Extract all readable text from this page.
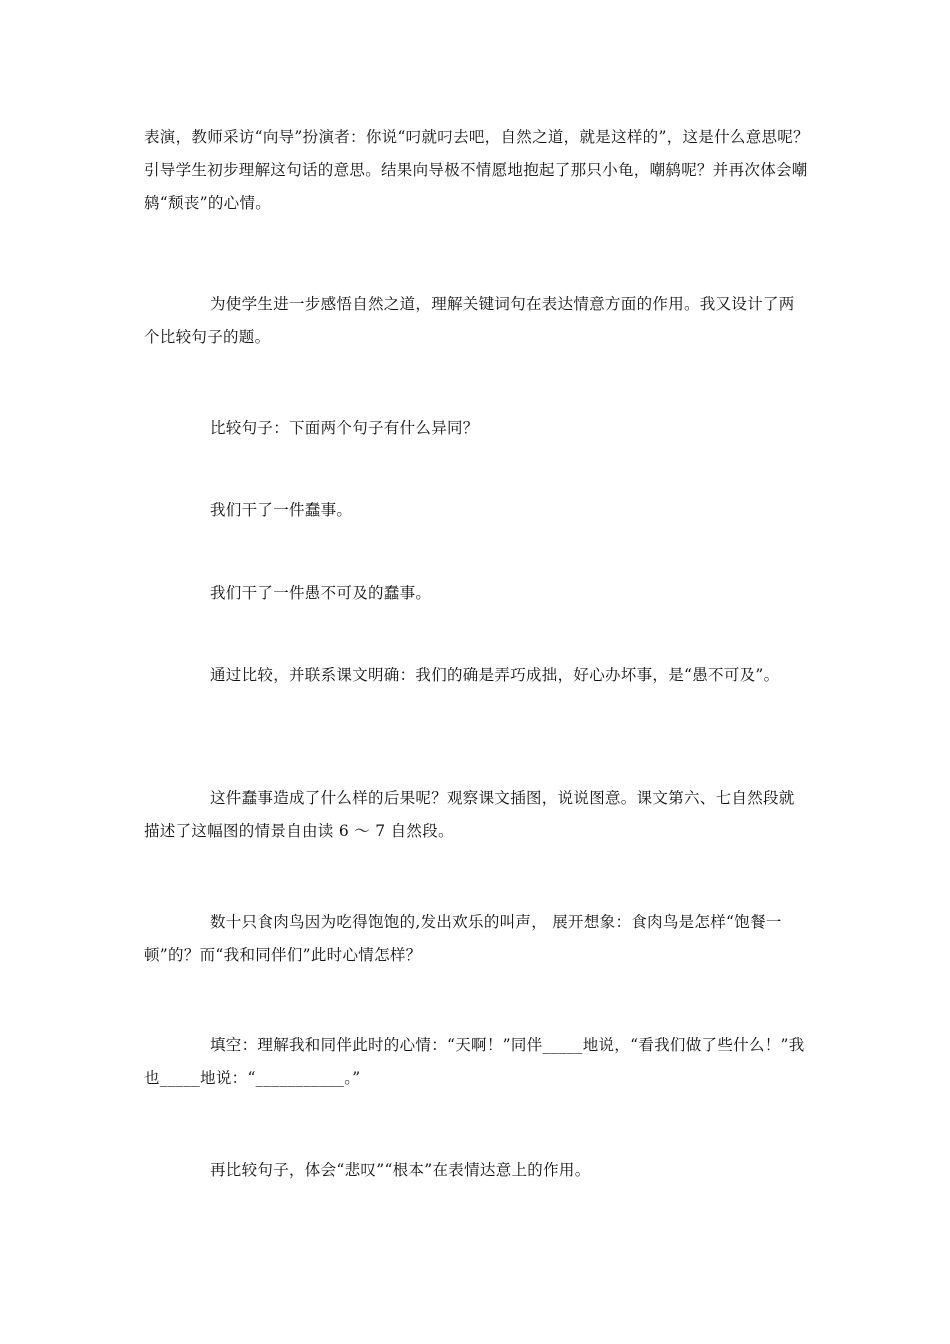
表演，教师采访“向导”扮演者：你说“叼就叼去吧，自然之道，就是这样的”，这是什么意思呢？引导学生初步理解这句话的意思。结果向导极不情愿地抱起了那只小龟，嘲鸫呢？并再次体会嘲鸫“颓丧”的心情。

为使学生进一步感悟自然之道，理解关键词句在表达情意方面的作用。我又设计了两个比较句子的题。

比较句子：下面两个句子有什么异同？

我们干了一件蠢事。

我们干了一件愚不可及的蠢事。

通过比较，并联系课文明确：我们的确是弄巧成拙，好心办坏事，是“愚不可及”。

这件蠢事造成了什么样的后果呢？观察课文插图，说说图意。课文第六、七自然段就描述了这幅图的情景自由读 6 ～ 7 自然段。

数十只食肉鸟因为吃得饱饱的,发出欢乐的叫声， 展开想象：食肉鸟是怎样“饱餐一顿”的？而“我和同伴们”此时心情怎样？

填空：理解我和同伴此时的心情：“天啊！”同伴_____地说，“看我们做了些什么！”我也_____地说：“___________。”

再比较句子，体会“悲叹”“根本”在表情达意上的作用。
